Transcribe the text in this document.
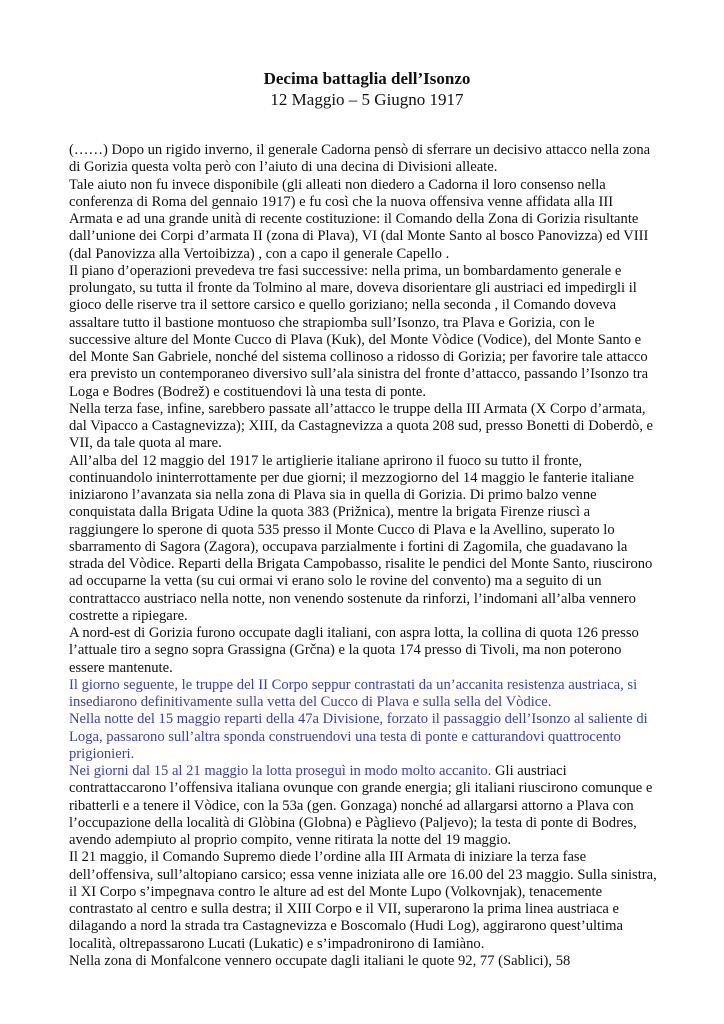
Decima battaglia dell’Isonzo
12 Maggio – 5 Giugno 1917

(……) Dopo un rigido inverno, il generale Cadorna pensò di sferrare un decisivo attacco nella zona di Gorizia questa volta però con l’aiuto di una decina di Divisioni alleate.

Tale aiuto non fu invece disponibile (gli alleati non diedero a Cadorna il loro consenso nella conferenza di Roma del gennaio 1917) e fu così che la nuova offensiva venne affidata alla III Armata e ad una grande unità di recente costituzione: il Comando della Zona di Gorizia risultante dall’unione dei Corpi d’armata II (zona di Plava), VI (dal Monte Santo al bosco Panovizza) ed VIII (dal Panovizza alla Vertoibizza) , con a capo il generale Capello .

Il piano d’operazioni prevedeva tre fasi successive: nella prima, un bombardamento generale e prolungato, su tutta il fronte da Tolmino al mare, doveva disorientare gli austriaci ed impedirgli il gioco delle riserve tra il settore carsico e quello goriziano; nella seconda , il Comando doveva assaltare tutto il bastione montuoso che strapiomba sull’Isonzo, tra Plava e Gorizia, con le successive alture del Monte Cucco di Plava (Kuk), del Monte Vòdice (Vodice), del Monte Santo e del Monte San Gabriele, nonché del sistema collinoso a ridosso di Gorizia; per favorire tale attacco era previsto un contemporaneo diversivo sull’ala sinistra del fronte d’attacco, passando l’Isonzo tra Loga e Bodres (Bodrež) e costituendovi là una testa di ponte.

Nella terza fase, infine, sarebbero passate all’attacco le truppe della III Armata (X Corpo d’armata, dal Vipacco a Castagnevizza); XIII, da Castagnevizza a quota 208 sud, presso Bonetti di Doberdò, e VII, da tale quota al mare.

All’alba del 12 maggio del 1917 le artiglierie italiane aprirono il fuoco su tutto il fronte, continuandolo ininterrottamente per due giorni; il mezzogiorno del 14 maggio le fanterie italiane iniziarono l’avanzata sia nella zona di Plava sia in quella di Gorizia. Di primo balzo venne conquistata dalla Brigata Udine la quota 383 (Prižnica), mentre la brigata Firenze riuscì a raggiungere lo sperone di quota 535 presso il Monte Cucco di Plava e la Avellino, superato lo sbarramento di Sagora (Zagora), occupava parzialmente i fortini di Zagomila, che guadavano la strada del Vòdice. Reparti della Brigata Campobasso, risalite le pendici del Monte Santo, riuscirono ad occuparne la vetta (su cui ormai vi erano solo le rovine del convento) ma a seguito di un contrattacco austriaco nella notte, non venendo sostenute da rinforzi, l’indomani all’alba vennero costrette a ripiegare.

A nord-est di Gorizia furono occupate dagli italiani, con aspra lotta, la collina di quota 126 presso l’attuale tiro a segno sopra Grassigna (Grčna) e la quota 174 presso di Tivoli, ma non poterono essere mantenute.

Il giorno seguente, le truppe del II Corpo seppur contrastati da un’accanita resistenza austriaca, si insediarono definitivamente sulla vetta del Cucco di Plava e sulla sella del Vòdice.

Nella notte del 15 maggio reparti della 47a Divisione, forzato il passaggio dell’Isonzo al saliente di Loga, passarono sull’altra sponda construendovi una testa di ponte e catturandovi quattrocento prigionieri.

Nei giorni dal 15 al 21 maggio la lotta proseguì in modo molto accanito. Gli austriaci contrattaccarono l’offensiva italiana ovunque con grande energia; gli italiani riuscirono comunque e ribatterli e a tenere il Vòdice, con la 53a (gen. Gonzaga) nonché ad allargarsi attorno a Plava con l’occupazione della località di Glòbina (Globna) e Pàglievo (Paljevo); la testa di ponte di Bodres, avendo adempiuto al proprio compito, venne ritirata la notte del 19 maggio.

Il 21 maggio, il Comando Supremo diede l’ordine alla III Armata di iniziare la terza fase dell’offensiva, sull’altopiano carsico; essa venne iniziata alle ore 16.00 del 23 maggio. Sulla sinistra, il XI Corpo s’impegnava contro le alture ad est del Monte Lupo (Volkovnjak), tenacemente contrastato al centro e sulla destra; il XIII Corpo e il VII, superarono la prima linea austriaca e dilagando a nord la strada tra Castagnevizza e Boscomalo (Hudi Log), aggirarono quest’ultima località, oltrepassarono Lucati (Lukatic) e s’impadronirono di Iamiàno.

Nella zona di Monfalcone vennero occupate dagli italiani le quote 92, 77 (Sablici), 58
